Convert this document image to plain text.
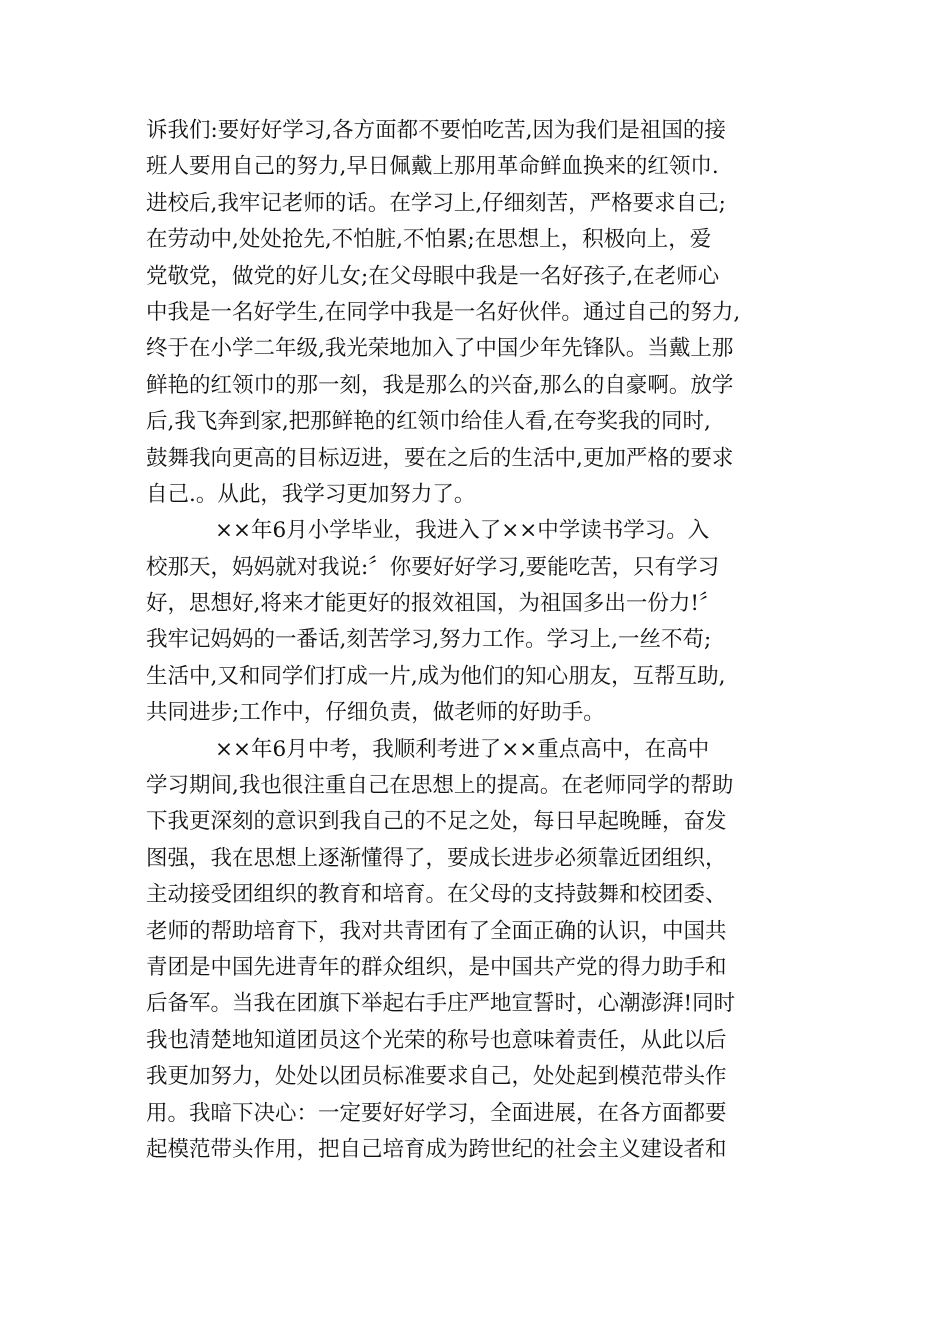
诉我们:要好好学习,各方面都不要怕吃苦,因为我们是祖国的接
班人要用自己的努力,早日佩戴上那用革命鲜血换来的红领巾.
进校后,我牢记老师的话。在学习上,仔细刻苦，严格要求自己;
在劳动中,处处抢先,不怕脏,不怕累;在思想上，积极向上，爱
党敬党，做党的好儿女;在父母眼中我是一名好孩子,在老师心
中我是一名好学生,在同学中我是一名好伙伴。通过自己的努力,
终于在小学二年级,我光荣地加入了中国少年先锋队。当戴上那
鲜艳的红领巾的那一刻，我是那么的兴奋,那么的自豪啊。放学
后,我飞奔到家,把那鲜艳的红领巾给佳人看,在夸奖我的同时,
鼓舞我向更高的目标迈进，要在之后的生活中,更加严格的要求
自己.。从此，我学习更加努力了。
××年6月小学毕业，我进入了××中学读书学习。入
校那天，妈妈就对我说:〞你要好好学习,要能吃苦，只有学习
好，思想好,将来才能更好的报效祖国，为祖国多出一份力!〞
我牢记妈妈的一番话,刻苦学习,努力工作。学习上,一丝不苟;
生活中,又和同学们打成一片,成为他们的知心朋友，互帮互助,
共同进步;工作中，仔细负责，做老师的好助手。
××年6月中考，我顺利考进了××重点高中，在高中
学习期间,我也很注重自己在思想上的提高。在老师同学的帮助
下我更深刻的意识到我自己的不足之处，每日早起晚睡，奋发
图强，我在思想上逐渐懂得了，要成长进步必须靠近团组织，
主动接受团组织的教育和培育。在父母的支持鼓舞和校团委、
老师的帮助培育下，我对共青团有了全面正确的认识，中国共
青团是中国先进青年的群众组织，是中国共产党的得力助手和
后备军。当我在团旗下举起右手庄严地宣誓时，心潮澎湃!同时
我也清楚地知道团员这个光荣的称号也意味着责任，从此以后
我更加努力，处处以团员标准要求自己，处处起到模范带头作
用。我暗下决心：一定要好好学习，全面进展，在各方面都要
起模范带头作用，把自己培育成为跨世纪的社会主义建设者和
